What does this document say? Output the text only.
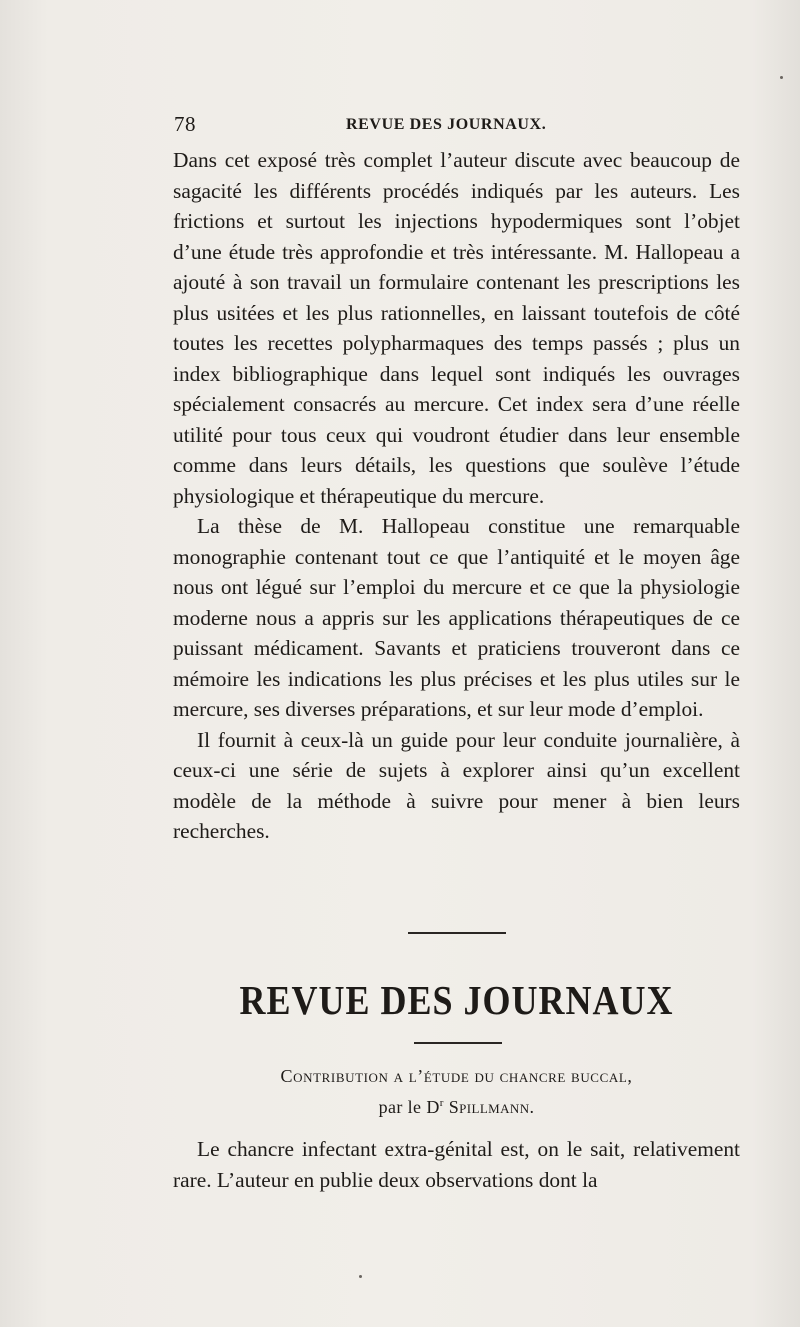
78	REVUE DES JOURNAUX.

Dans cet exposé très complet l’auteur discute avec beaucoup de sagacité les différents procédés indiqués par les auteurs. Les frictions et surtout les injections hypodermiques sont l’objet d’une étude très approfondie et très intéressante. M. Hallopeau a ajouté à son travail un formulaire contenant les prescriptions les plus usitées et les plus rationnelles, en laissant toutefois de côté toutes les recettes polypharmaques des temps passés ; plus un index bibliographique dans lequel sont indiqués les ouvrages spécialement consacrés au mercure. Cet index sera d’une réelle utilité pour tous ceux qui voudront étudier dans leur ensemble comme dans leurs détails, les questions que soulève l’étude physiologique et thérapeutique du mercure.

La thèse de M. Hallopeau constitue une remarquable monographie contenant tout ce que l’antiquité et le moyen âge nous ont légué sur l’emploi du mercure et ce que la physiologie moderne nous a appris sur les applications thérapeutiques de ce puissant médicament. Savants et praticiens trouveront dans ce mémoire les indications les plus précises et les plus utiles sur le mercure, ses diverses préparations, et sur leur mode d’emploi.

Il fournit à ceux-là un guide pour leur conduite journalière, à ceux-ci une série de sujets à explorer ainsi qu’un excellent modèle de la méthode à suivre pour mener à bien leurs recherches.

REVUE DES JOURNAUX
Contribution a l’étude du chancre buccal,
par le $D^r$ Spillmann.

Le chancre infectant extra-génital est, on le sait, relativement rare. L’auteur en publie deux observations dont la
